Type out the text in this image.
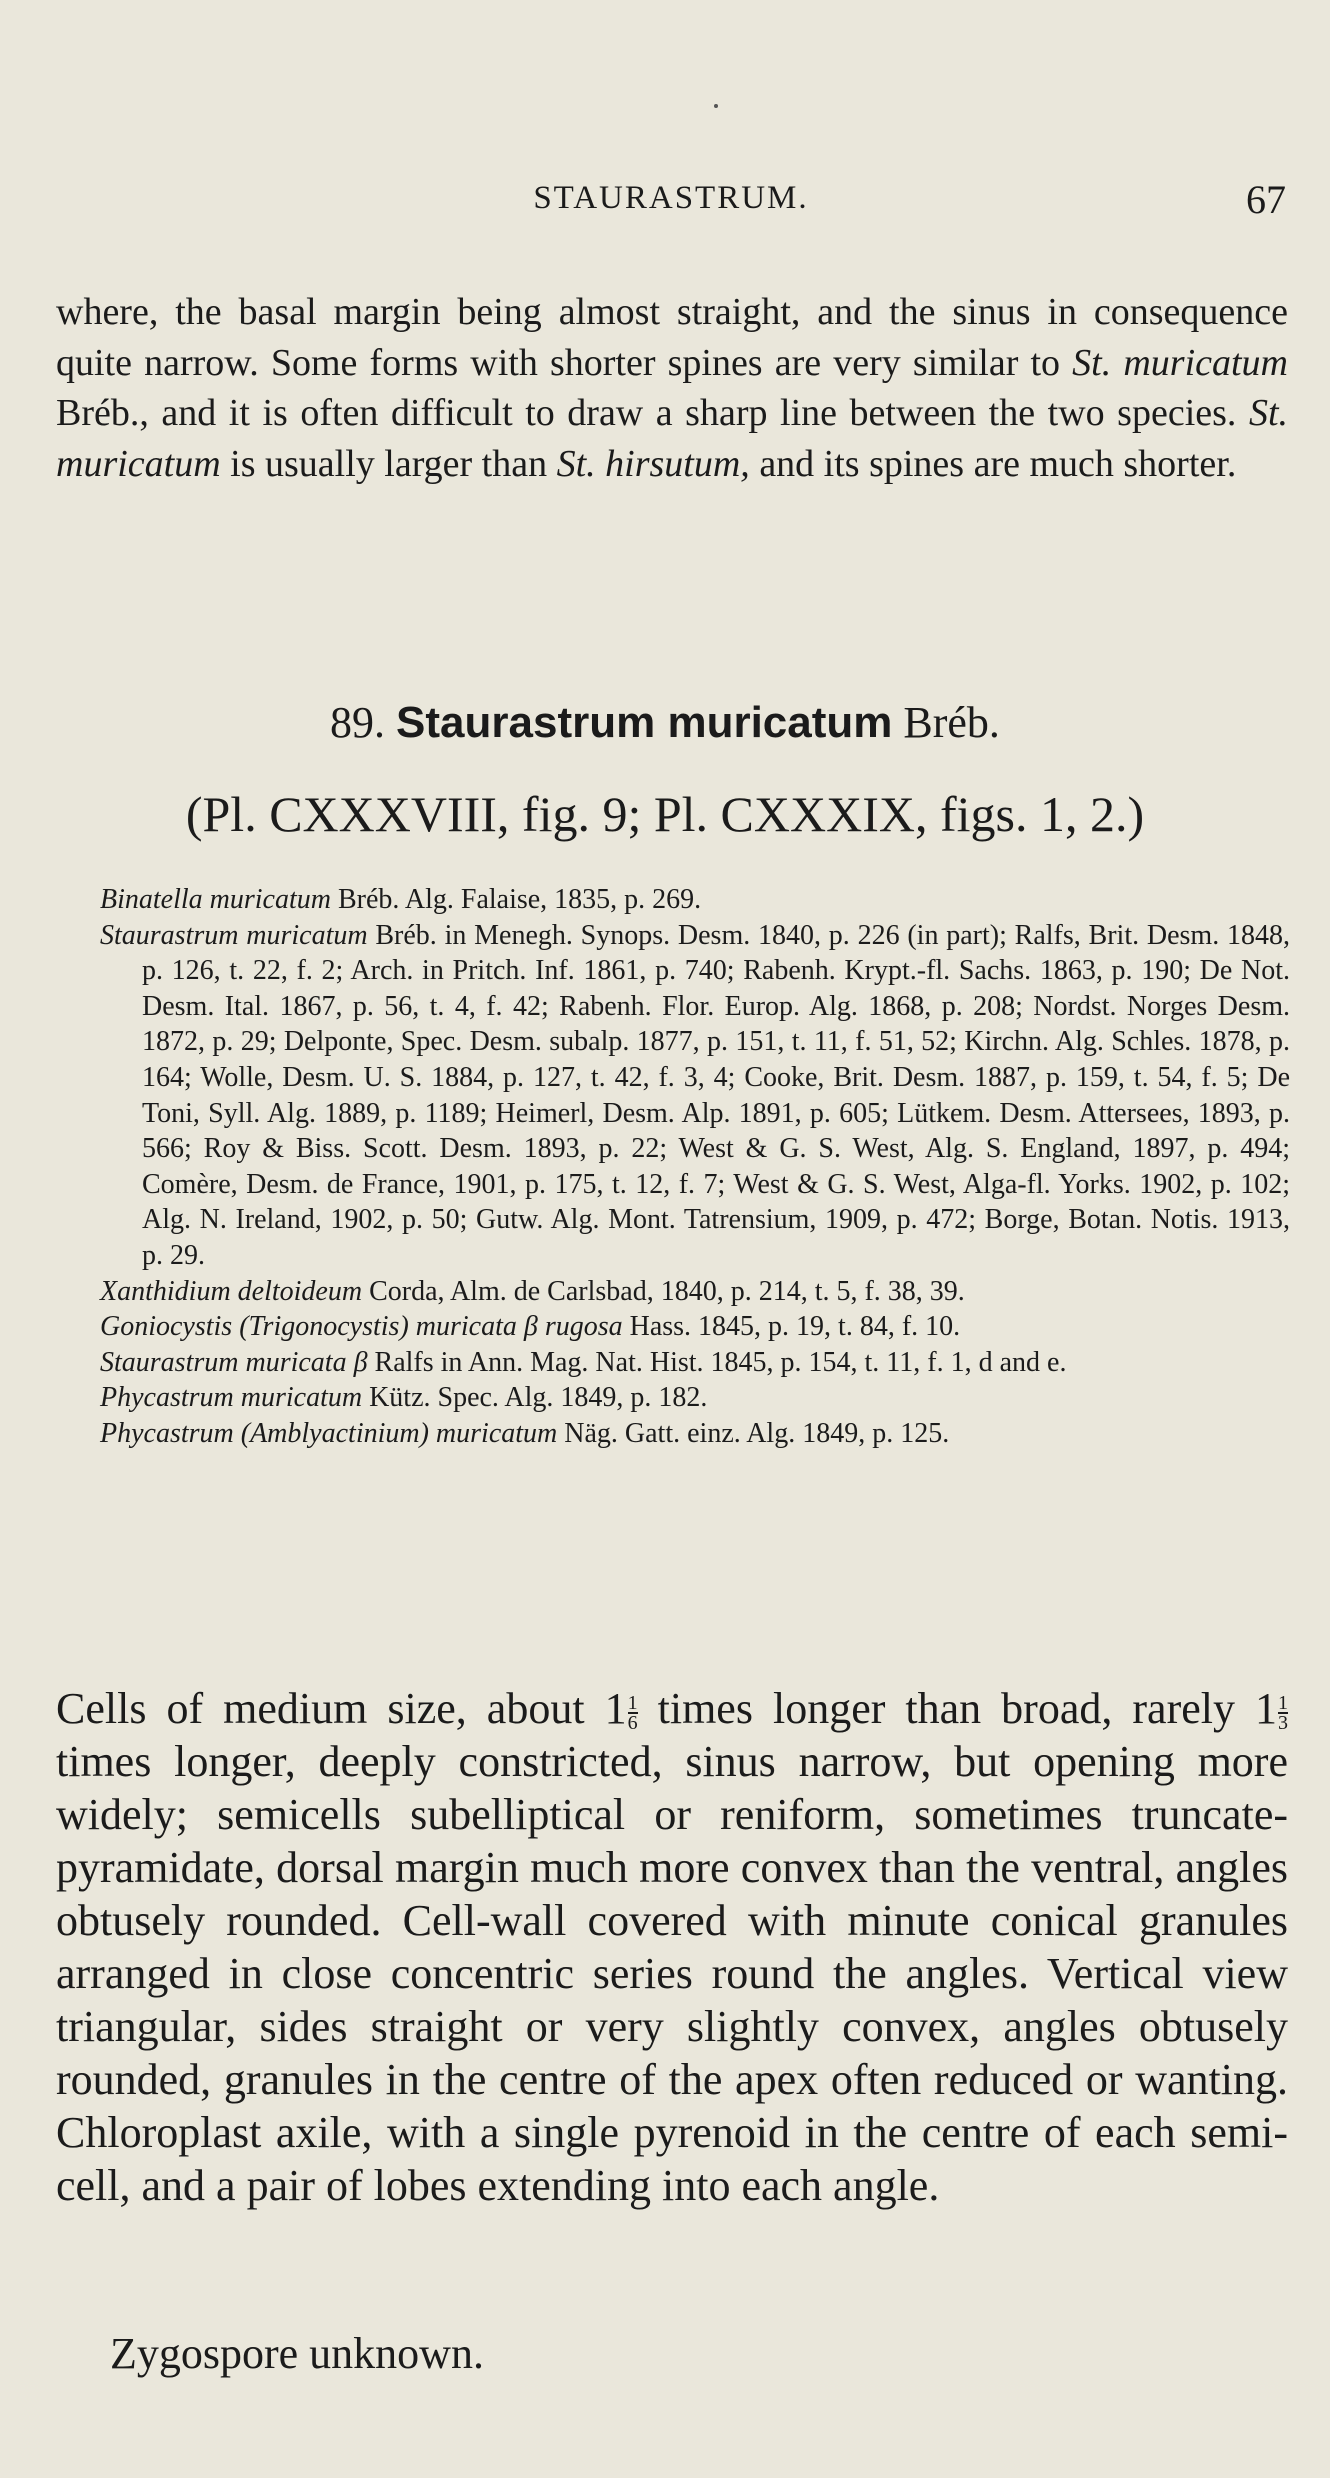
STAURASTRUM.	67

where, the basal margin being almost straight, and the sinus in consequence quite narrow. Some forms with shorter spines are very similar to St. muricatum Bréb., and it is often difficult to draw a sharp line between the two species. St. muricatum is usually larger than St. hirsutum, and its spines are much shorter.

89. Staurastrum muricatum Bréb.

(Pl. CXXXVIII, fig. 9; Pl. CXXXIX, figs. 1, 2.)

Binatella muricatum Bréb. Alg. Falaise, 1835, p. 269.
Staurastrum muricatum Bréb. in Menegh. Synops. Desm. 1840, p. 226 (in part); Ralfs, Brit. Desm. 1848, p. 126, t. 22, f. 2; Arch. in Pritch. Inf. 1861, p. 740; Rabenh. Krypt.-fl. Sachs. 1863, p. 190; De Not. Desm. Ital. 1867, p. 56, t. 4, f. 42; Rabenh. Flor. Europ. Alg. 1868, p. 208; Nordst. Norges Desm. 1872, p. 29; Delponte, Spec. Desm. subalp. 1877, p. 151, t. 11, f. 51, 52; Kirchn. Alg. Schles. 1878, p. 164; Wolle, Desm. U. S. 1884, p. 127, t. 42, f. 3, 4; Cooke, Brit. Desm. 1887, p. 159, t. 54, f. 5; De Toni, Syll. Alg. 1889, p. 1189; Heimerl, Desm. Alp. 1891, p. 605; Lütkem. Desm. Attersees, 1893, p. 566; Roy & Biss. Scott. Desm. 1893, p. 22; West & G. S. West, Alg. S. England, 1897, p. 494; Comère, Desm. de France, 1901, p. 175, t. 12, f. 7; West & G. S. West, Alga-fl. Yorks. 1902, p. 102; Alg. N. Ireland, 1902, p. 50; Gutw. Alg. Mont. Tatrensium, 1909, p. 472; Borge, Botan. Notis. 1913, p. 29.
Xanthidium deltoideum Corda, Alm. de Carlsbad, 1840, p. 214, t. 5, f. 38, 39.
Goniocystis (Trigonocystis) muricata β rugosa Hass. 1845, p. 19, t. 84, f. 10.
Staurastrum muricata β Ralfs in Ann. Mag. Nat. Hist. 1845, p. 154, t. 11, f. 1, d and e.
Phycastrum muricatum Kütz. Spec. Alg. 1849, p. 182.
Phycastrum (Amblyactinium) muricatum Näg. Gatt. einz. Alg. 1849, p. 125.

Cells of medium size, about $1 \frac{1}{6}$ times longer than broad, rarely $1 \frac{1}{3}$
times longer, deeply constricted, sinus narrow, but opening more widely; semicells subelliptical or reniform, sometimes truncate-pyramidate, dorsal margin much more convex than the ventral, angles obtusely rounded. Cell-wall covered with minute conical granules arranged in close concentric series round the angles. Vertical view triangular, sides straight or very slightly convex, angles obtusely rounded, granules in the centre of the apex often reduced or wanting. Chloroplast axile, with a single pyrenoid in the centre of each semi-cell, and a pair of lobes extending into each angle.

Zygospore unknown.
